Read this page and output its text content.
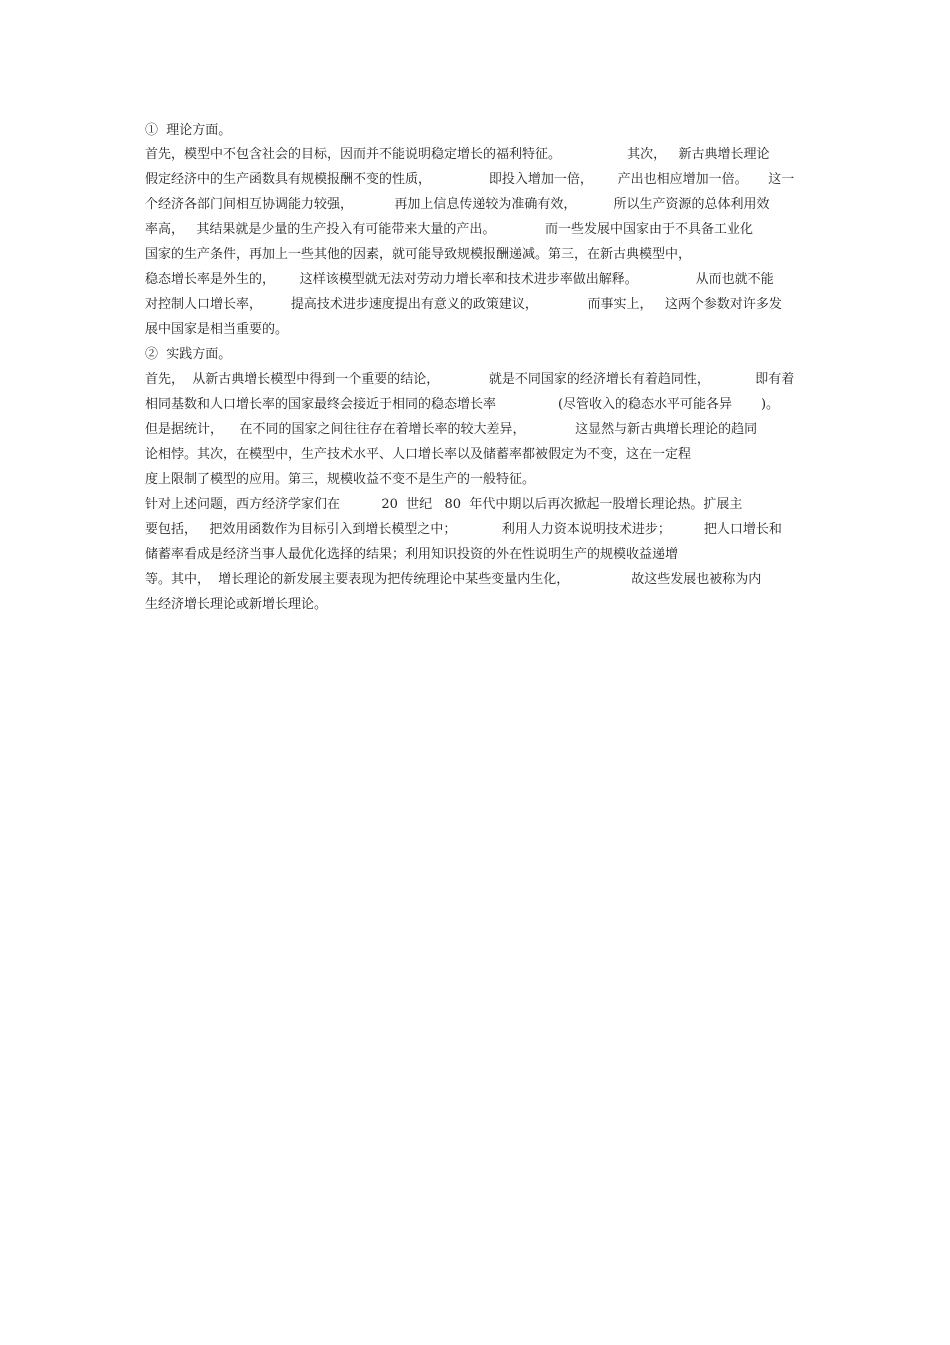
①  理论方面。
首先，模型中不包含社会的目标，因而并不能说明稳定增长的福利特征。                其次，   新古典增长理论
假定经济中的生产函数具有规模报酬不变的性质，              即投入增加一倍，      产出也相应增加一倍。     这一
个经济各部门间相互协调能力较强，          再加上信息传递较为准确有效，         所以生产资源的总体利用效
率高，   其结果就是少量的生产投入有可能带来大量的产出。            而一些发展中国家由于不具备工业化
国家的生产条件，再加上一些其他的因素，就可能导致规模报酬递减。第三，在新古典模型中，
稳态增长率是外生的，      这样该模型就无法对劳动力增长率和技术进步率做出解释。              从而也就不能
对控制人口增长率，       提高技术进步速度提出有意义的政策建议，            而事实上，   这两个参数对许多发
展中国家是相当重要的。
②  实践方面。
首先，  从新古典增长模型中得到一个重要的结论，            就是不同国家的经济增长有着趋同性，           即有着
相同基数和人口增长率的国家最终会接近于相同的稳态增长率               (尽管收入的稳态水平可能各异       )。
但是据统计，    在不同的国家之间往往存在着增长率的较大差异，            这显然与新古典增长理论的趋同
论相悖。其次，在模型中，生产技术水平、人口增长率以及储蓄率都被假定为不变，这在一定程
度上限制了模型的应用。第三，规模收益不变不是生产的一般特征。
针对上述问题，西方经济学家们在          20  世纪   80  年代中期以后再次掀起一股增长理论热。扩展主
要包括，   把效用函数作为目标引入到增长模型之中；           利用人力资本说明技术进步；        把人口增长和
储蓄率看成是经济当事人最优化选择的结果；利用知识投资的外在性说明生产的规模收益递增
等。其中，  增长理论的新发展主要表现为把传统理论中某些变量内生化，               故这些发展也被称为内
生经济增长理论或新增长理论。
